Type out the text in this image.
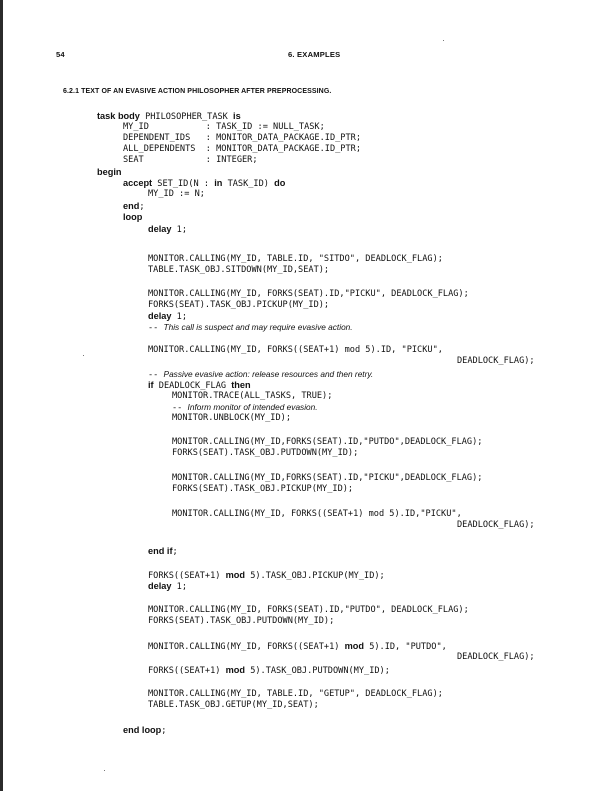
54	6. EXAMPLES
6.2.1 TEXT OF AN EVASIVE ACTION PHILOSOPHER AFTER PREPROCESSING.
task body PHILOSOPHER_TASK is
MY_ID           : TASK_ID := NULL_TASK;
DEPENDENT_IDS   : MONITOR_DATA_PACKAGE.ID_PTR;
ALL_DEPENDENTS  : MONITOR_DATA_PACKAGE.ID_PTR;
SEAT            : INTEGER;
begin
accept SET_ID(N : in TASK_ID) do
MY_ID := N;
end;
loop
delay 1;
MONITOR.CALLING(MY_ID, TABLE.ID, "SITDO", DEADLOCK_FLAG);
TABLE.TASK_OBJ.SITDOWN(MY_ID,SEAT);
MONITOR.CALLING(MY_ID, FORKS(SEAT).ID,"PICKU", DEADLOCK_FLAG);
FORKS(SEAT).TASK_OBJ.PICKUP(MY_ID);
delay 1;
-- This call is suspect and may require evasive action.
MONITOR.CALLING(MY_ID, FORKS((SEAT+1) mod 5).ID, "PICKU",
DEADLOCK_FLAG);
-- Passive evasive action: release resources and then retry.
if DEADLOCK_FLAG then
MONITOR.TRACE(ALL_TASKS, TRUE);
-- Inform monitor of intended evasion.
MONITOR.UNBLOCK(MY_ID);
MONITOR.CALLING(MY_ID,FORKS(SEAT).ID,"PUTDO",DEADLOCK_FLAG);
FORKS(SEAT).TASK_OBJ.PUTDOWN(MY_ID);
MONITOR.CALLING(MY_ID,FORKS(SEAT).ID,"PICKU",DEADLOCK_FLAG);
FORKS(SEAT).TASK_OBJ.PICKUP(MY_ID);
MONITOR.CALLING(MY_ID, FORKS((SEAT+1) mod 5).ID,"PICKU",
DEADLOCK_FLAG);
end if;
FORKS((SEAT+1) mod 5).TASK_OBJ.PICKUP(MY_ID);
delay 1;
MONITOR.CALLING(MY_ID, FORKS(SEAT).ID,"PUTDO", DEADLOCK_FLAG);
FORKS(SEAT).TASK_OBJ.PUTDOWN(MY_ID);
MONITOR.CALLING(MY_ID, FORKS((SEAT+1) mod 5).ID, "PUTDO",
DEADLOCK_FLAG);
FORKS((SEAT+1) mod 5).TASK_OBJ.PUTDOWN(MY_ID);
MONITOR.CALLING(MY_ID, TABLE.ID, "GETUP", DEADLOCK_FLAG);
TABLE.TASK_OBJ.GETUP(MY_ID,SEAT);
end loop;
